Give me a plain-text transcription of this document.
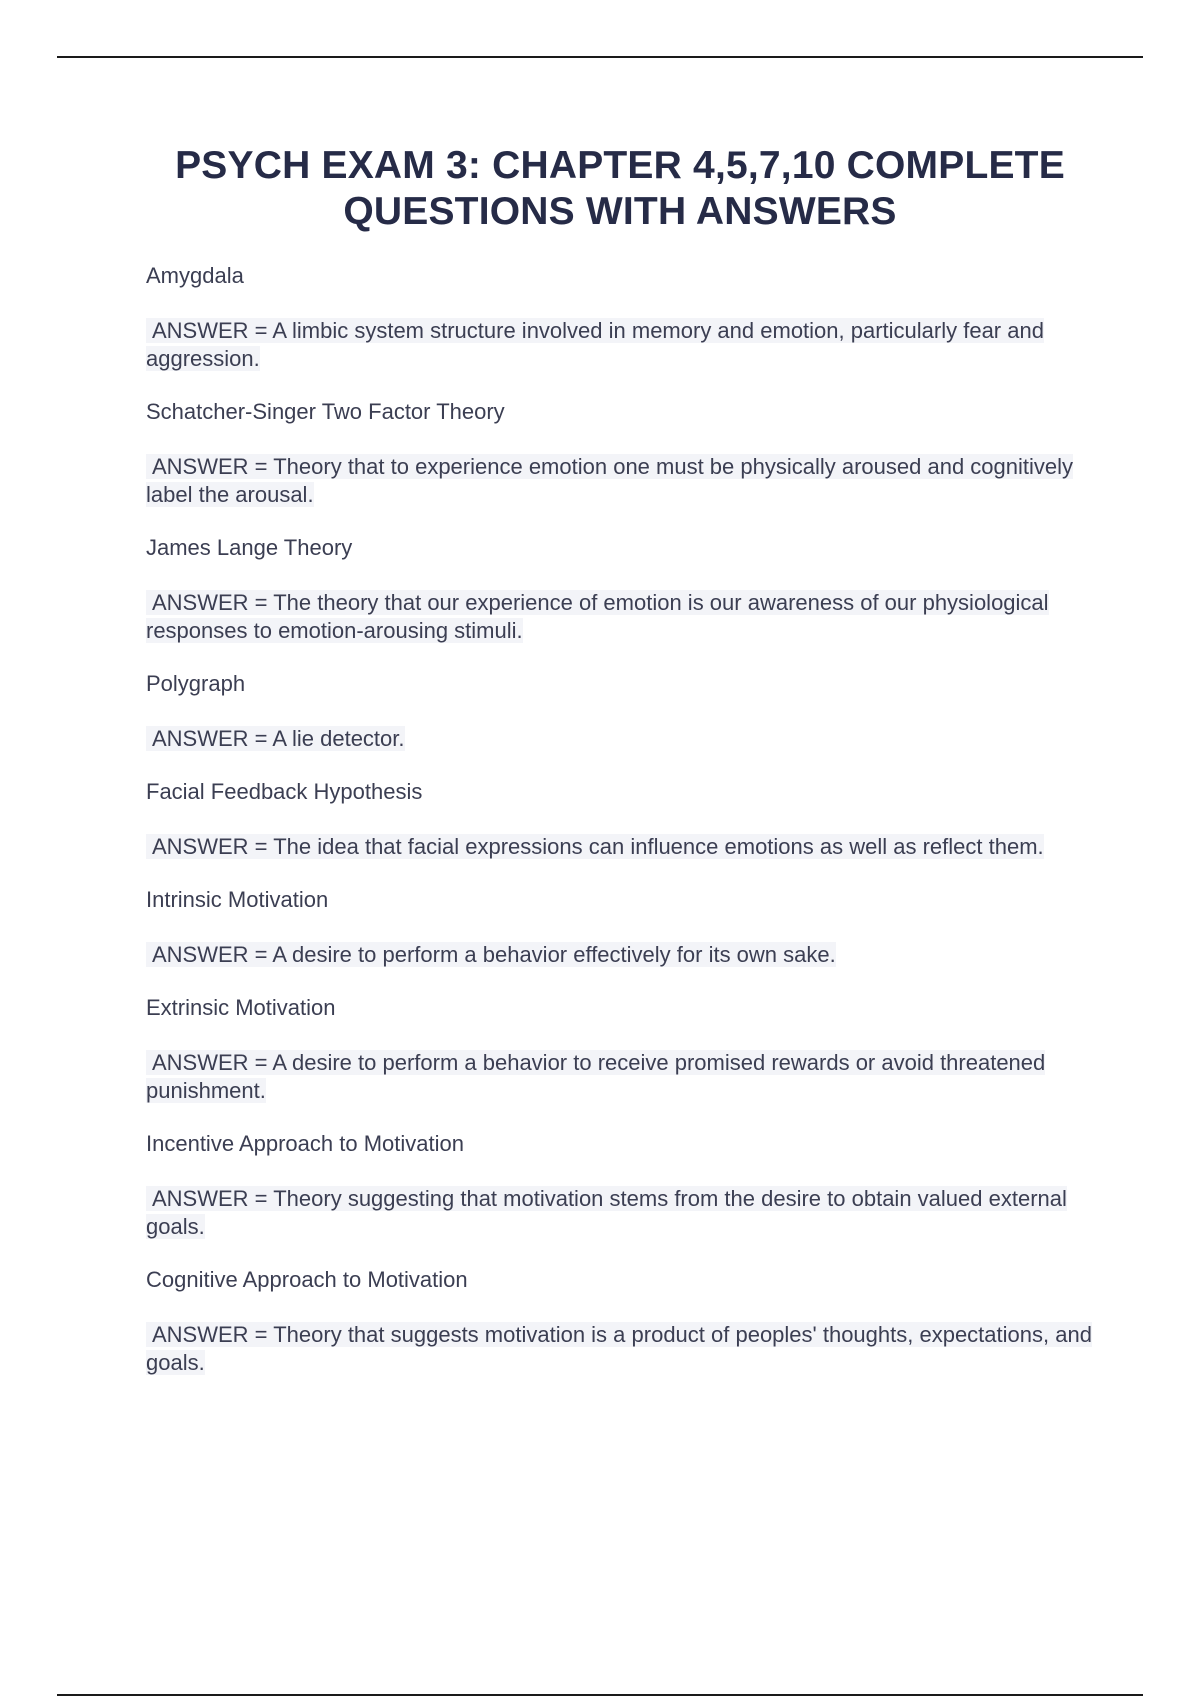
PSYCH EXAM 3: CHAPTER 4,5,7,10 COMPLETE QUESTIONS WITH ANSWERS

Amygdala

ANSWER = A limbic system structure involved in memory and emotion, particularly fear and aggression.

Schatcher-Singer Two Factor Theory

ANSWER = Theory that to experience emotion one must be physically aroused and cognitively label the arousal.

James Lange Theory

ANSWER = The theory that our experience of emotion is our awareness of our physiological responses to emotion-arousing stimuli.

Polygraph

ANSWER = A lie detector.

Facial Feedback Hypothesis

ANSWER = The idea that facial expressions can influence emotions as well as reflect them.

Intrinsic Motivation

ANSWER = A desire to perform a behavior effectively for its own sake.

Extrinsic Motivation

ANSWER = A desire to perform a behavior to receive promised rewards or avoid threatened punishment.

Incentive Approach to Motivation

ANSWER = Theory suggesting that motivation stems from the desire to obtain valued external goals.

Cognitive Approach to Motivation

ANSWER = Theory that suggests motivation is a product of peoples' thoughts, expectations, and goals.
